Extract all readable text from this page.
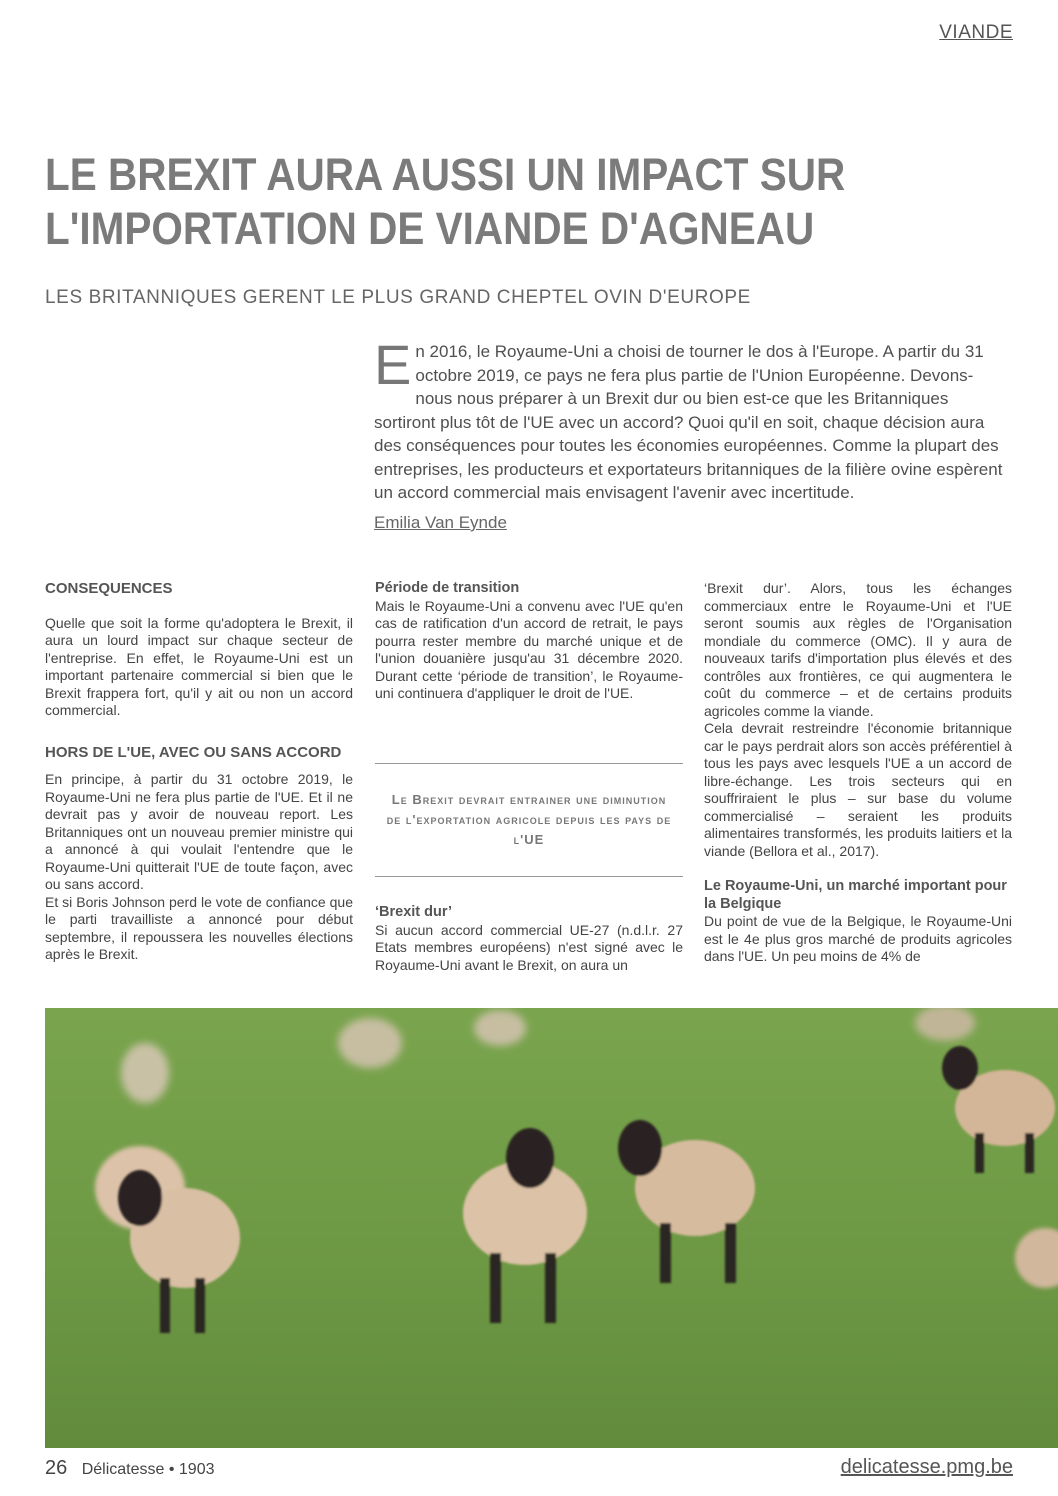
VIANDE
LE BREXIT AURA AUSSI UN IMPACT SUR
L'IMPORTATION DE VIANDE D'AGNEAU
LES BRITANNIQUES GERENT LE PLUS GRAND CHEPTEL OVIN D'EUROPE

En 2016, le Royaume-Uni a choisi de tourner le dos à l'Europe. A partir du 31 octobre 2019, ce pays ne fera plus partie de l'Union Européenne. Devons-nous nous préparer à un Brexit dur ou bien est-ce que les Britanniques sortiront plus tôt de l'UE avec un accord? Quoi qu'il en soit, chaque décision aura des conséquences pour toutes les économies européennes. Comme la plupart des entreprises, les producteurs et exportateurs britanniques de la filière ovine espèrent un accord commercial mais envisagent l'avenir avec incertitude.

Emilia Van Eynde
CONSEQUENCES

Quelle que soit la forme qu'adoptera le Brexit, il aura un lourd impact sur chaque secteur de l'entreprise. En effet, le Royaume-Uni est un important partenaire commercial si bien que le Brexit frappera fort, qu'il y ait ou non un accord commercial.

HORS DE L'UE, AVEC OU SANS ACCORD

En principe, à partir du 31 octobre 2019, le Royaume-Uni ne fera plus partie de l'UE. Et il ne devrait pas y avoir de nouveau report. Les Britanniques ont un nouveau premier ministre qui a annoncé à qui voulait l'entendre que le Royaume-Uni quitterait l'UE de toute façon, avec ou sans accord.

Et si Boris Johnson perd le vote de confiance que le parti travailliste a annoncé pour début septembre, il repoussera les nouvelles élections après le Brexit.

Période de transition

Mais le Royaume-Uni a convenu avec l'UE qu'en cas de ratification d'un accord de retrait, le pays pourra rester membre du marché unique et de l'union douanière jusqu'au 31 décembre 2020. Durant cette ‘période de transition’, le Royaume-uni continuera d'appliquer le droit de l'UE.

Le Brexit devrait entrainer une diminution de l'exportation agricole depuis les pays de l'UE
‘Brexit dur’

Si aucun accord commercial UE-27 (n.d.l.r. 27 Etats membres européens) n'est signé avec le Royaume-Uni avant le Brexit, on aura un

‘Brexit dur’. Alors, tous les échanges commerciaux entre le Royaume-Uni et l'UE seront soumis aux règles de l'Organisation mondiale du commerce (OMC). Il y aura de nouveaux tarifs d'importation plus élevés et des contrôles aux frontières, ce qui augmentera le coût du commerce – et de certains produits agricoles comme la viande.

Cela devrait restreindre l'économie britannique car le pays perdrait alors son accès préférentiel à tous les pays avec lesquels l'UE a un accord de libre-échange. Les trois secteurs qui en souffriraient le plus – sur base du volume commercialisé – seraient les produits alimentaires transformés, les produits laitiers et la viande (Bellora et al., 2017).

Le Royaume-Uni, un marché important pour la Belgique

Du point de vue de la Belgique, le Royaume-Uni est le 4e plus gros marché de produits agricoles dans l'UE. Un peu moins de 4% de

26 Délicatesse • 1903	delicatesse.pmg.be
